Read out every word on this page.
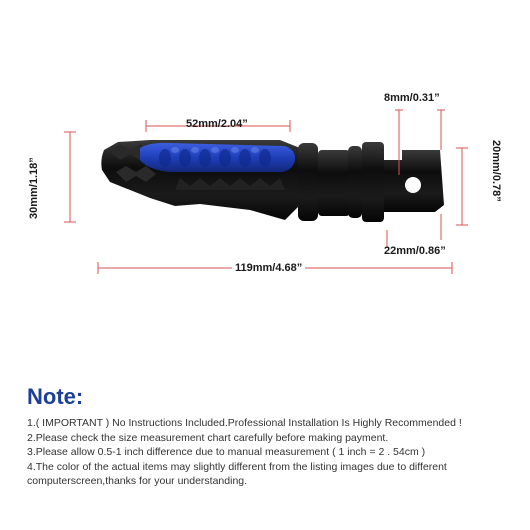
52mm/2.04”
8mm/0.31”
30mm/1.18”	20mm/0.78”
22mm/0.86”
119mm/4.68”
Note:

1.( IMPORTANT ) No Instructions Included.Professional Installation Is Highly Recommended !

2.Please check the size measurement chart carefully before making payment.

3.Please allow 0.5-1 inch difference due to manual measurement ( 1 inch = 2 . 54cm )

4.The color of the actual items may slightly different from the listing images due to different

computerscreen,thanks for your understanding.
